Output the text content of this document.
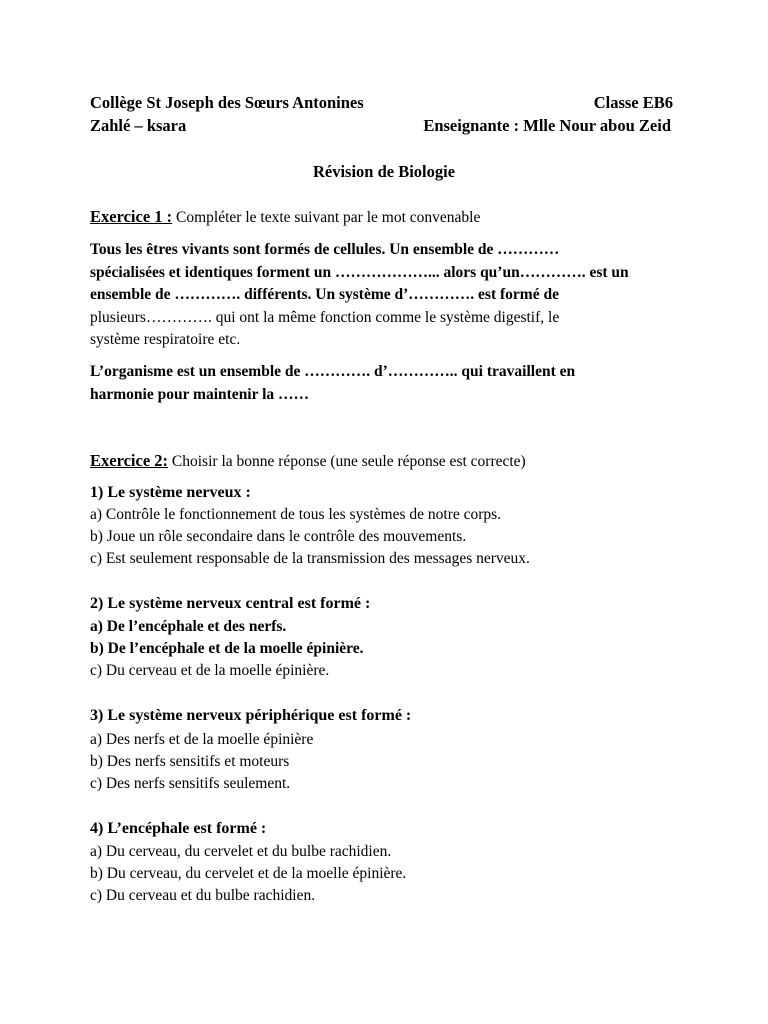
Collège St Joseph des Sœurs Antonines	Classe EB6
Zahlé – ksara	Enseignante : Mlle Nour abou Zeid
Révision de Biologie
Exercice 1 : Compléter le texte suivant par le mot convenable
Tous les êtres vivants sont formés de cellules. Un ensemble de …………
spécialisées et identiques forment un ………………... alors qu’un…………. est un
ensemble de …………. différents. Un système d’…………. est formé de
plusieurs…………. qui ont la même fonction comme le système digestif, le
système respiratoire etc.
L’organisme est un ensemble de …………. d’………….. qui travaillent en
harmonie pour maintenir la ……
Exercice 2: Choisir la bonne réponse (une seule réponse est correcte)
1) Le système nerveux :
a) Contrôle le fonctionnement de tous les systèmes de notre corps.
b) Joue un rôle secondaire dans le contrôle des mouvements.
c) Est seulement responsable de la transmission des messages nerveux.
2) Le système nerveux central est formé :
a) De l’encéphale et des nerfs.
b) De l’encéphale et de la moelle épinière.
c) Du cerveau et de la moelle épinière.
3) Le système nerveux périphérique est formé :
a) Des nerfs et de la moelle épinière
b) Des nerfs sensitifs et moteurs
c) Des nerfs sensitifs seulement.
4) L’encéphale est formé :
a) Du cerveau, du cervelet et du bulbe rachidien.
b) Du cerveau, du cervelet et de la moelle épinière.
c) Du cerveau et du bulbe rachidien.
